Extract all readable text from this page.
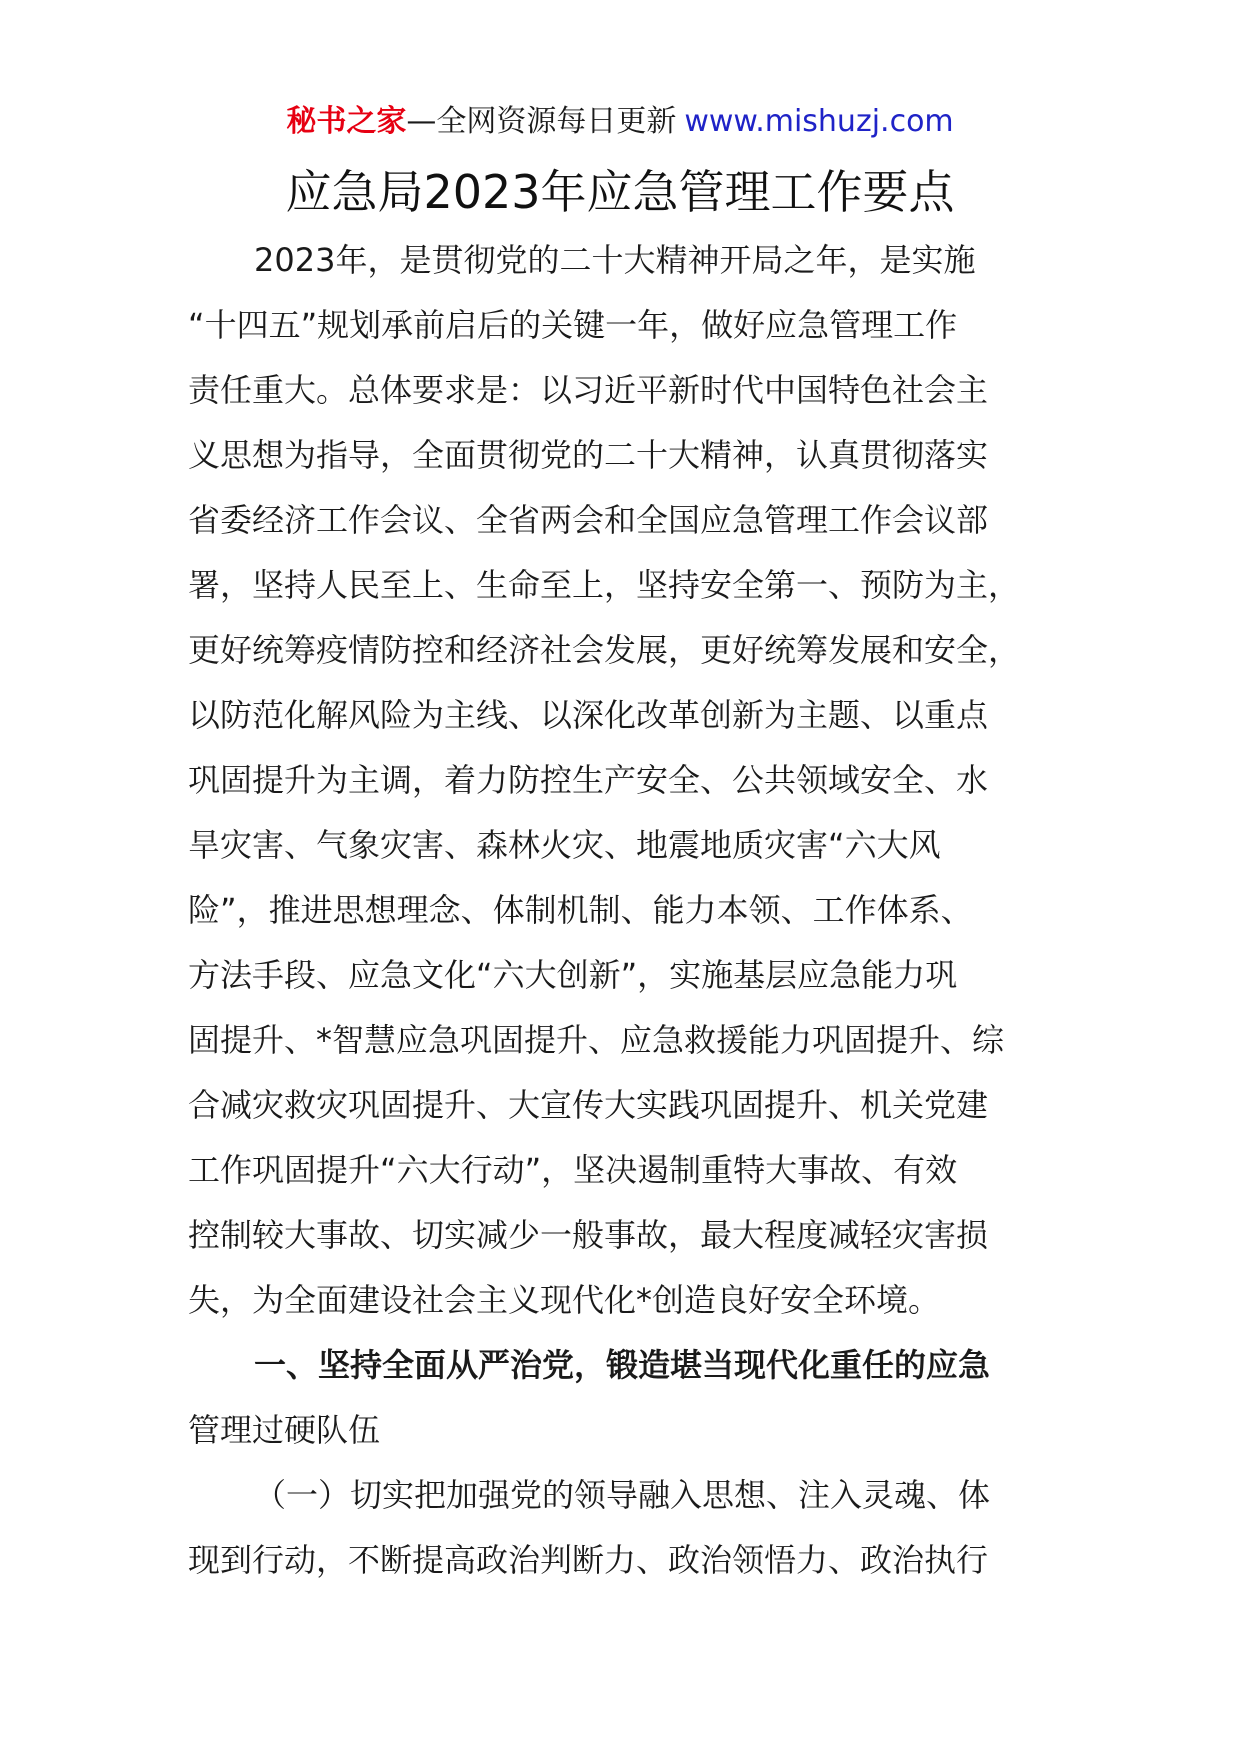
秘书之家—全网资源每日更新 www.mishuzj.com
应急局2023年应急管理工作要点
2023年，是贯彻党的二十大精神开局之年，是实施
“十四五”规划承前启后的关键一年，做好应急管理工作
责任重大。总体要求是：以习近平新时代中国特色社会主
义思想为指导，全面贯彻党的二十大精神，认真贯彻落实
省委经济工作会议、全省两会和全国应急管理工作会议部
署，坚持人民至上、生命至上，坚持安全第一、预防为主，
更好统筹疫情防控和经济社会发展，更好统筹发展和安全，
以防范化解风险为主线、以深化改革创新为主题、以重点
巩固提升为主调，着力防控生产安全、公共领域安全、水
旱灾害、气象灾害、森林火灾、地震地质灾害“六大风
险”，推进思想理念、体制机制、能力本领、工作体系、
方法手段、应急文化“六大创新”，实施基层应急能力巩
固提升、*智慧应急巩固提升、应急救援能力巩固提升、综
合减灾救灾巩固提升、大宣传大实践巩固提升、机关党建
工作巩固提升“六大行动”，坚决遏制重特大事故、有效
控制较大事故、切实减少一般事故，最大程度减轻灾害损
失，为全面建设社会主义现代化*创造良好安全环境。
一、坚持全面从严治党，锻造堪当现代化重任的应急
管理过硬队伍
（一）切实把加强党的领导融入思想、注入灵魂、体
现到行动，不断提高政治判断力、政治领悟力、政治执行
